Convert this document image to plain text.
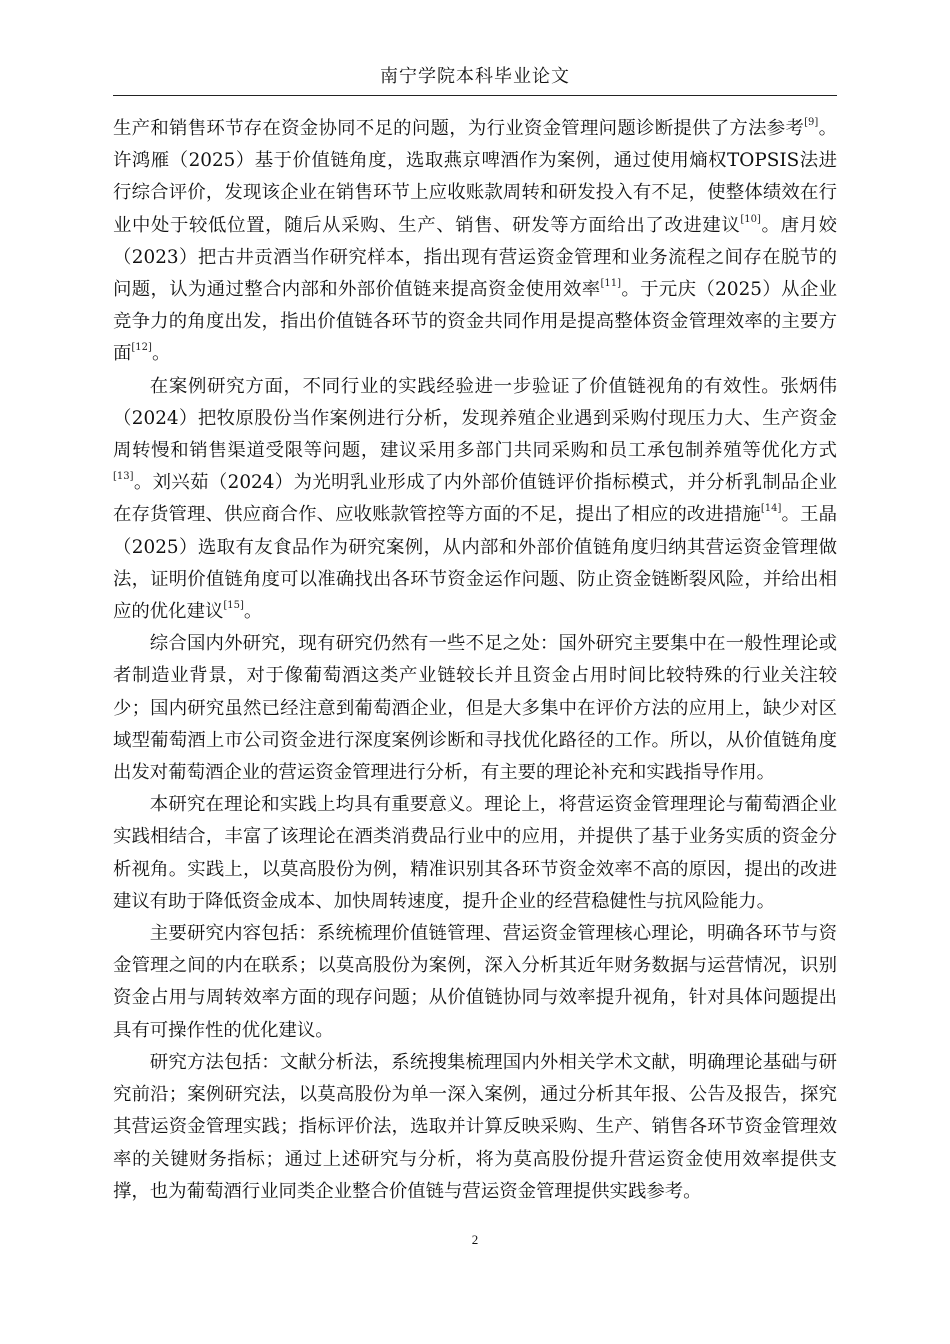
南宁学院本科毕业论文

生产和销售环节存在资金协同不足的问题，为行业资金管理问题诊断提供了方法参考[9]。许鸿雁（2025）基于价值链角度，选取燕京啤酒作为案例，通过使用熵权TOPSIS法进行综合评价，发现该企业在销售环节上应收账款周转和研发投入有不足，使整体绩效在行业中处于较低位置，随后从采购、生产、销售、研发等方面给出了改进建议[10]。唐月姣（2023）把古井贡酒当作研究样本，指出现有营运资金管理和业务流程之间存在脱节的问题，认为通过整合内部和外部价值链来提高资金使用效率[11]。于元庆（2025）从企业竞争力的角度出发，指出价值链各环节的资金共同作用是提高整体资金管理效率的主要方面[12]。

在案例研究方面，不同行业的实践经验进一步验证了价值链视角的有效性。张炳伟（2024）把牧原股份当作案例进行分析，发现养殖企业遇到采购付现压力大、生产资金周转慢和销售渠道受限等问题，建议采用多部门共同采购和员工承包制养殖等优化方式[13]。刘兴茹（2024）为光明乳业形成了内外部价值链评价指标模式，并分析乳制品企业在存货管理、供应商合作、应收账款管控等方面的不足，提出了相应的改进措施[14]。王晶（2025）选取有友食品作为研究案例，从内部和外部价值链角度归纳其营运资金管理做法，证明价值链角度可以准确找出各环节资金运作问题、防止资金链断裂风险，并给出相应的优化建议[15]。

综合国内外研究，现有研究仍然有一些不足之处：国外研究主要集中在一般性理论或者制造业背景，对于像葡萄酒这类产业链较长并且资金占用时间比较特殊的行业关注较少；国内研究虽然已经注意到葡萄酒企业，但是大多集中在评价方法的应用上，缺少对区域型葡萄酒上市公司资金进行深度案例诊断和寻找优化路径的工作。所以，从价值链角度出发对葡萄酒企业的营运资金管理进行分析，有主要的理论补充和实践指导作用。

本研究在理论和实践上均具有重要意义。理论上，将营运资金管理理论与葡萄酒企业实践相结合，丰富了该理论在酒类消费品行业中的应用，并提供了基于业务实质的资金分析视角。实践上，以莫高股份为例，精准识别其各环节资金效率不高的原因，提出的改进建议有助于降低资金成本、加快周转速度，提升企业的经营稳健性与抗风险能力。

主要研究内容包括：系统梳理价值链管理、营运资金管理核心理论，明确各环节与资金管理之间的内在联系；以莫高股份为案例，深入分析其近年财务数据与运营情况，识别资金占用与周转效率方面的现存问题；从价值链协同与效率提升视角，针对具体问题提出具有可操作性的优化建议。

研究方法包括：文献分析法，系统搜集梳理国内外相关学术文献，明确理论基础与研究前沿；案例研究法，以莫高股份为单一深入案例，通过分析其年报、公告及报告，探究其营运资金管理实践；指标评价法，选取并计算反映采购、生产、销售各环节资金管理效率的关键财务指标；通过上述研究与分析，将为莫高股份提升营运资金使用效率提供支撑，也为葡萄酒行业同类企业整合价值链与营运资金管理提供实践参考。

2
